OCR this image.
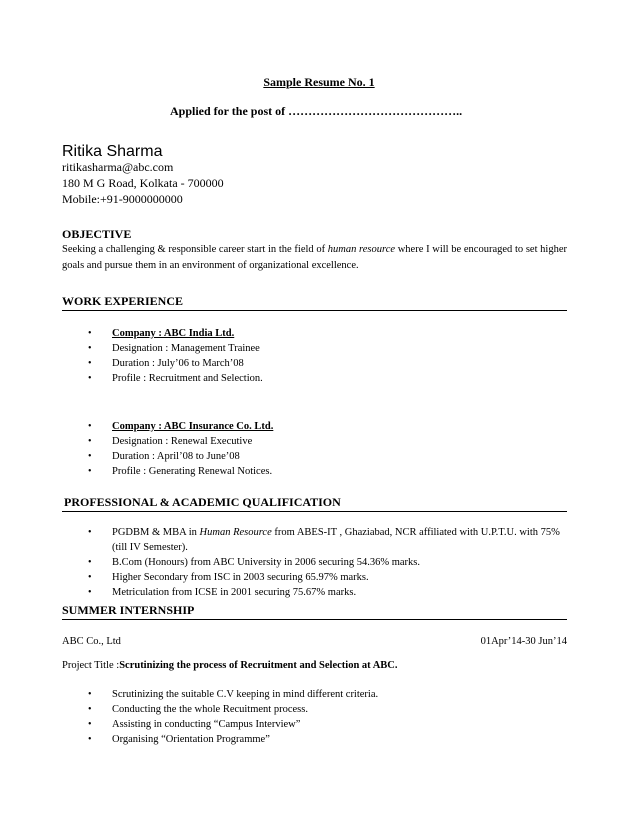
Sample Resume No. 1
Applied for the post of ……………………………………..
Ritika Sharma
ritikasharma@abc.com
180 M G Road, Kolkata - 700000
Mobile:+91-9000000000
OBJECTIVE
Seeking a challenging & responsible career start in the field of human resource where I will be encouraged to set higher goals and pursue them in an environment of organizational excellence.
WORK EXPERIENCE
• Company : ABC India Ltd.
• Designation : Management Trainee
• Duration : July’06 to March’08
• Profile : Recruitment and Selection.
• Company : ABC Insurance Co. Ltd.
• Designation : Renewal Executive
• Duration : April’08 to June’08
• Profile : Generating Renewal Notices.
PROFESSIONAL & ACADEMIC QUALIFICATION
• PGDBM & MBA in Human Resource from ABES-IT , Ghaziabad, NCR affiliated with U.P.T.U. with 75% (till IV Semester).
• B.Com (Honours) from ABC University in 2006 securing 54.36% marks.
• Higher Secondary from ISC in 2003 securing 65.97% marks.
• Metriculation from ICSE in 2001 securing 75.67% marks.
SUMMER INTERNSHIP
ABC Co., Ltd	01Apr’14-30 Jun’14
Project Title :Scrutinizing the process of Recruitment and Selection at ABC.
• Scrutinizing the suitable C.V keeping in mind different criteria.
• Conducting the the whole Recuitment process.
• Assisting in conducting “Campus Interview”
• Organising “Orientation Programme”
